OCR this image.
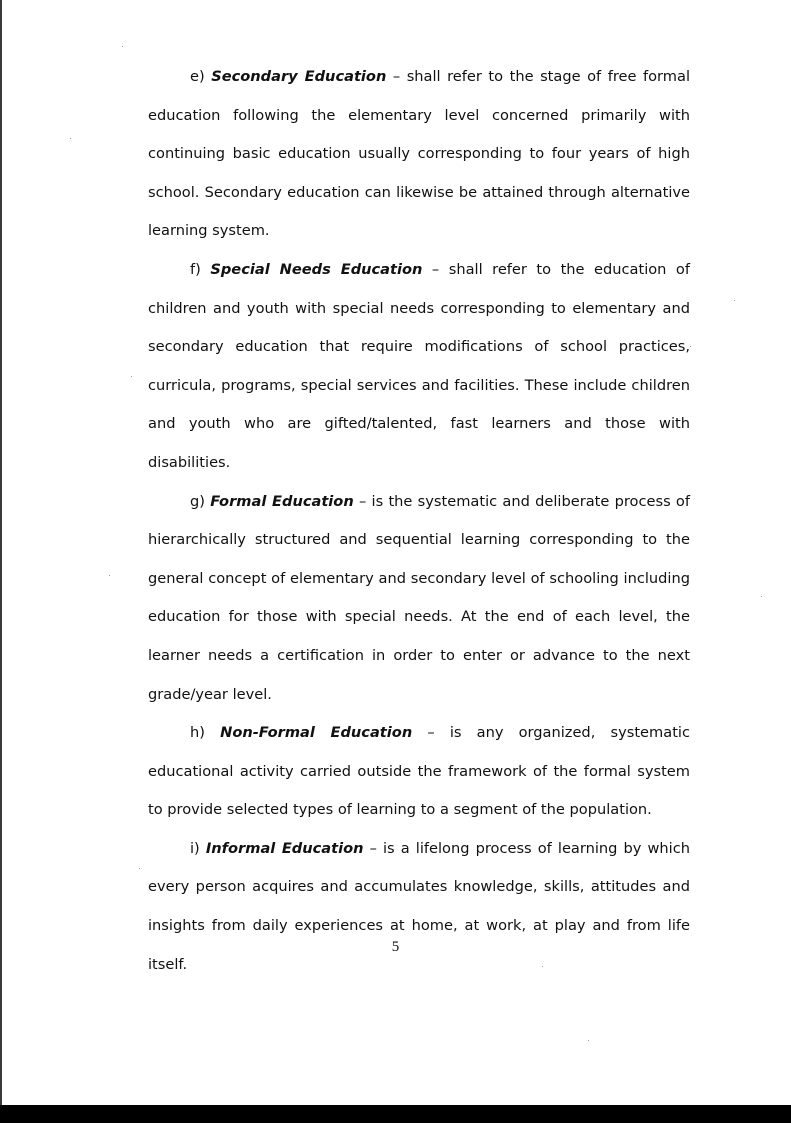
e) Secondary Education – shall refer to the stage of free formal education following the elementary level concerned primarily with continuing basic education usually corresponding to four years of high school. Secondary education can likewise be attained through alternative learning system.

f) Special Needs Education – shall refer to the education of children and youth with special needs corresponding to elementary and secondary education that require modifications of school practices, curricula, programs, special services and facilities. These include children and youth who are gifted/talented, fast learners and those with disabilities.

g) Formal Education – is the systematic and deliberate process of hierarchically structured and sequential learning corresponding to the general concept of elementary and secondary level of schooling including education for those with special needs. At the end of each level, the learner needs a certification in order to enter or advance to the next grade/year level.

h) Non-Formal Education – is any organized, systematic educational activity carried outside the framework of the formal system to provide selected types of learning to a segment of the population.

i) Informal Education – is a lifelong process of learning by which every person acquires and accumulates knowledge, skills, attitudes and insights from daily experiences at home, at work, at play and from life itself.

5
